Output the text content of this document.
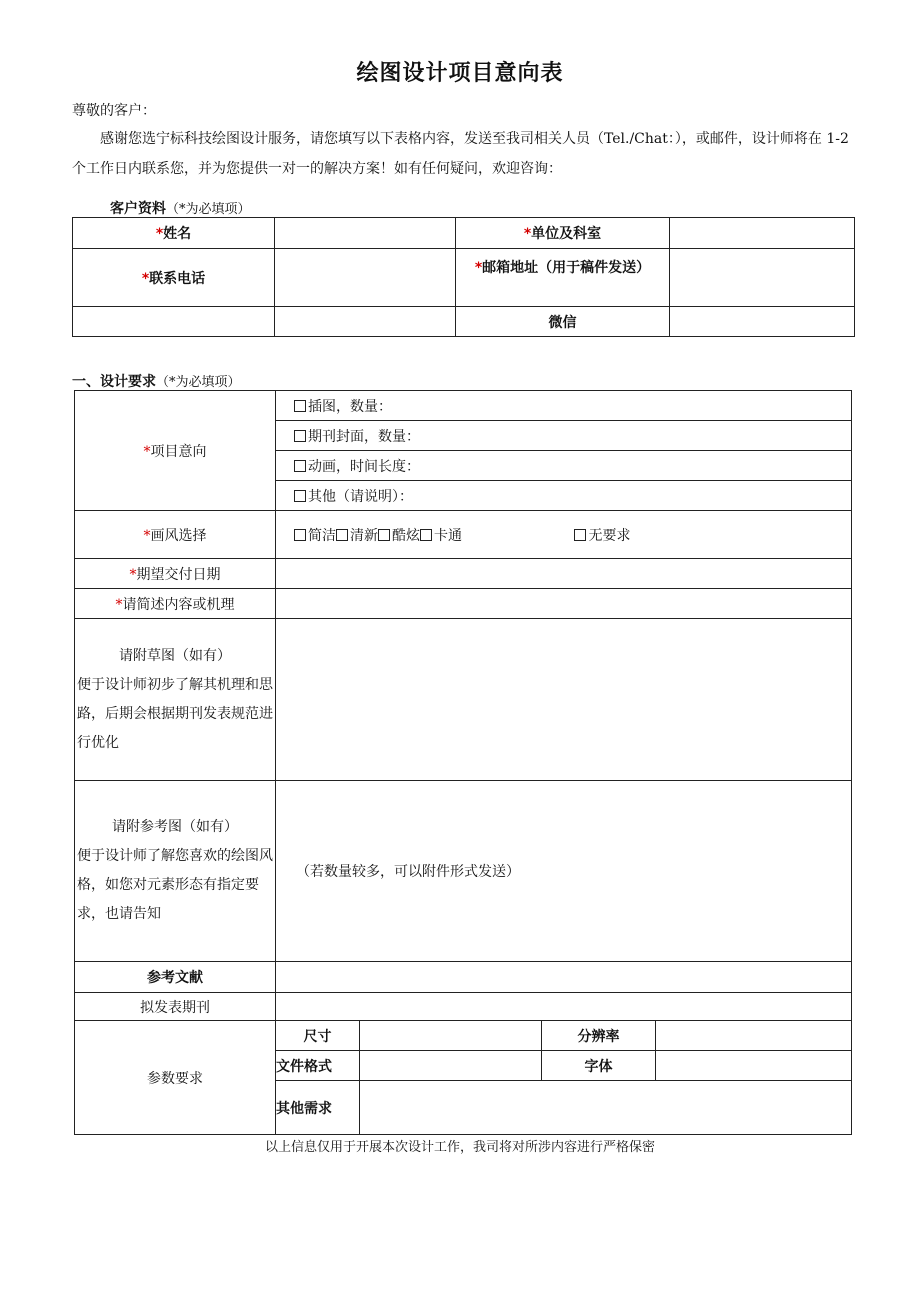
绘图设计项目意向表
尊敬的客户：
感谢您选宁标科技绘图设计服务，请您填写以下表格内容，发送至我司相关人员（Tel./Chat：），或邮件，设计师将在 1-2 个工作日内联系您，并为您提供一对一的解决方案！如有任何疑问，欢迎咨询：
客户资料（*为必填项）
*姓名		*单位及科室	
*联系电话		*邮箱地址（用于稿件发送）	
		微信	
一、设计要求（*为必填项）
*项目意向	插图，数量：			
	期刊封面，数量：			
	动画，时间长度：			
	其他（请说明）：			
*画风选择	简洁 清新 酷炫 卡通 无要求			
*期望交付日期				
*请简述内容或机理				

请附草图（如有）
便于设计师初步了解其机理和思路，后期会根据期刊发表规范进行优化				

请附参考图（如有）
便于设计师了解您喜欢的绘图风格，如您对元素形态有指定要求，也请告知	（若数量较多，可以附件形式发送）			
参考文献				
拟发表期刊				
参数要求	尺寸		分辨率	
	文件格式		字体	
	其他需求			
以上信息仅用于开展本次设计工作，我司将对所涉内容进行严格保密
